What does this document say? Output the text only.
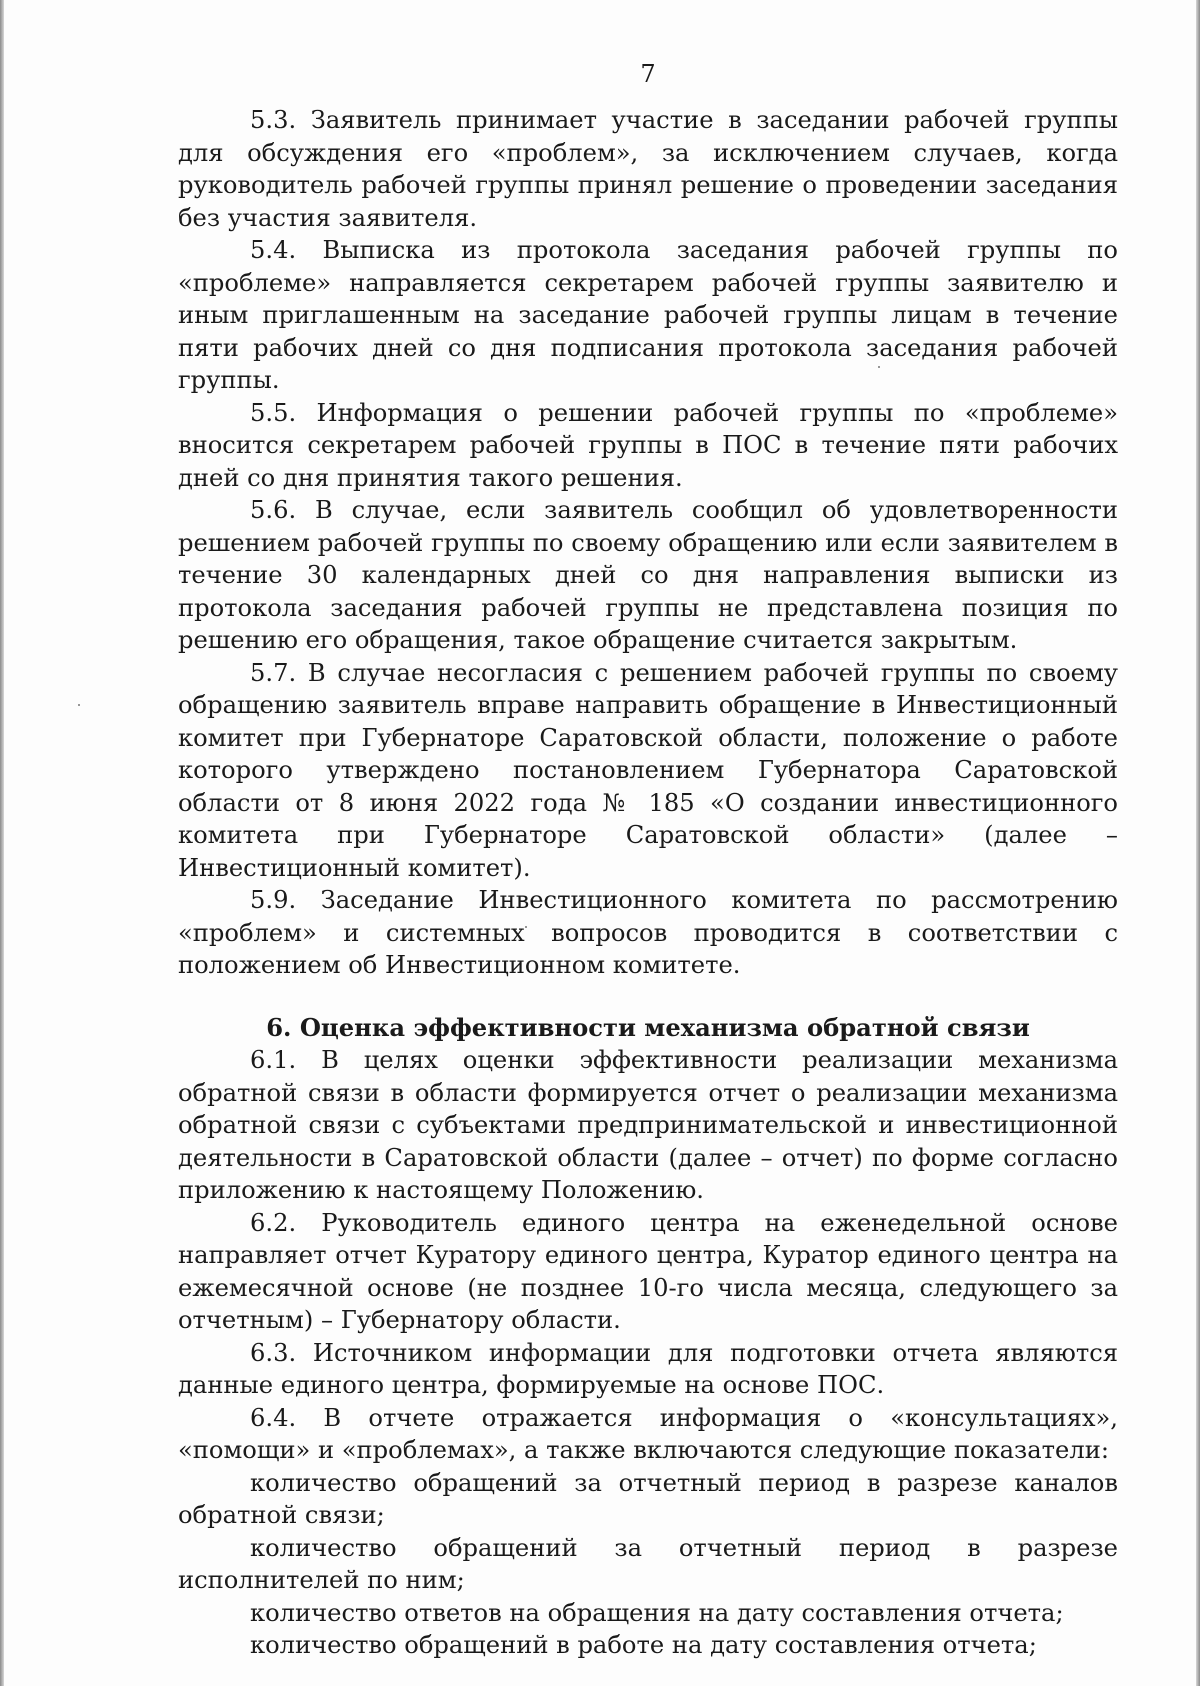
7

5.3. Заявитель принимает участие в заседании рабочей группы для обсуждения его «проблем», за исключением случаев, когда руководитель рабочей группы принял решение о проведении заседания без участия заявителя.

5.4. Выписка из протокола заседания рабочей группы по «проблеме» направляется секретарем рабочей группы заявителю и иным приглашенным на заседание рабочей группы лицам в течение пяти рабочих дней со дня подписания протокола заседания рабочей группы.

5.5. Информация о решении рабочей группы по «проблеме» вносится секретарем рабочей группы в ПОС в течение пяти рабочих дней со дня принятия такого решения.

5.6. В случае, если заявитель сообщил об удовлетворенности решением рабочей группы по своему обращению или если заявителем в течение 30 календарных дней со дня направления выписки из протокола заседания рабочей группы не представлена позиция по решению его обращения, такое обращение считается закрытым.

5.7. В случае несогласия с решением рабочей группы по своему обращению заявитель вправе направить обращение в Инвестиционный комитет при Губернаторе Саратовской области, положение о работе которого утверждено постановлением Губернатора Саратовской области от 8 июня 2022 года № 185 «О создании инвестиционного комитета при Губернаторе Саратовской области» (далее – Инвестиционный комитет).

5.9. Заседание Инвестиционного комитета по рассмотрению «проблем» и системных вопросов проводится в соответствии с положением об Инвестиционном комитете.

6. Оценка эффективности механизма обратной связи

6.1. В целях оценки эффективности реализации механизма обратной связи в области формируется отчет о реализации механизма обратной связи с субъектами предпринимательской и инвестиционной деятельности в Саратовской области (далее – отчет) по форме согласно приложению к настоящему Положению.

6.2. Руководитель единого центра на еженедельной основе направляет отчет Куратору единого центра, Куратор единого центра на ежемесячной основе (не позднее 10-го числа месяца, следующего за отчетным) – Губернатору области.

6.3. Источником информации для подготовки отчета являются данные единого центра, формируемые на основе ПОС.

6.4. В отчете отражается информация о «консультациях», «помощи» и «проблемах», а также включаются следующие показатели:

количество обращений за отчетный период в разрезе каналов обратной связи;

количество обращений за отчетный период в разрезе исполнителей по ним;

количество ответов на обращения на дату составления отчета;

количество обращений в работе на дату составления отчета;
